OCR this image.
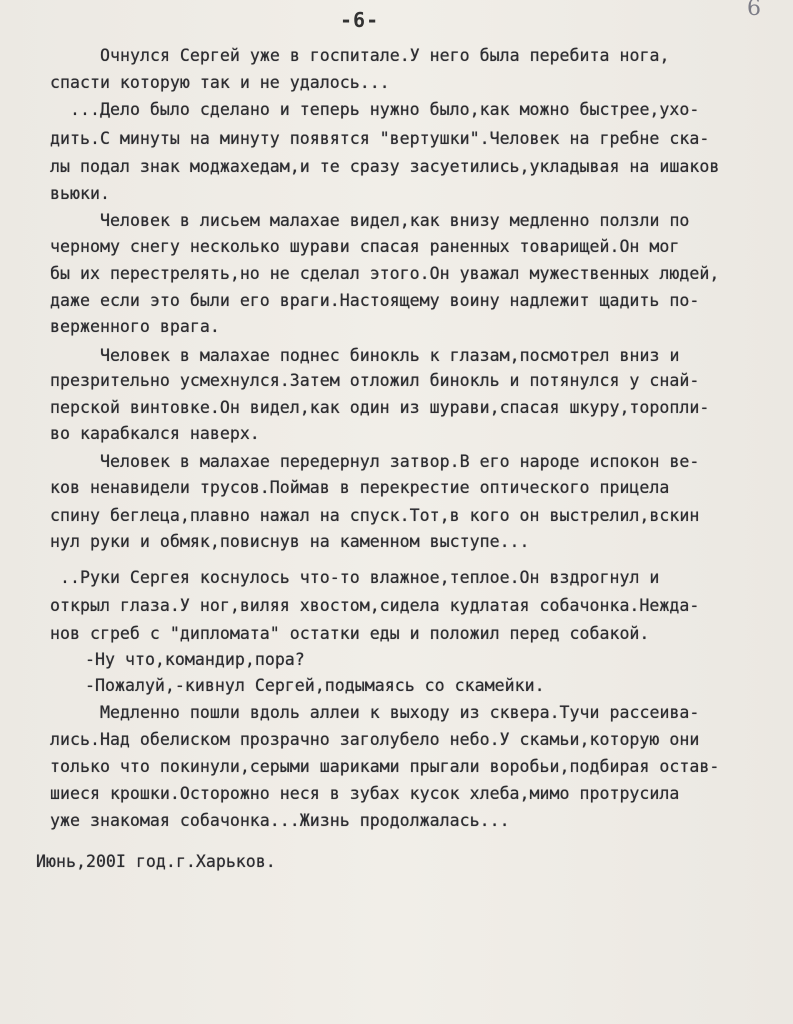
-6-	6
Очнулся Сергей уже в госпитале.У него была перебита нога,
спасти которую так и не удалось...
...Дело было сделано и теперь нужно было,как можно быстрее,ухо-
дить.С минуты на минуту появятся "вертушки".Человек на гребне ска-
лы подал знак моджахедам,и те сразу засуетились,укладывая на ишаков
вьюки.
Человек в лисьем малахае видел,как внизу медленно ползли по
черному снегу несколько шурави спасая раненных товарищей.Он мог
бы их перестрелять,но не сделал этого.Он уважал мужественных людей,
даже если это были его враги.Настоящему воину надлежит щадить по-
верженного врага.
Человек в малахае поднес бинокль к глазам,посмотрел вниз и
презрительно усмехнулся.Затем отложил бинокль и потянулся у снай-
перской винтовке.Он видел,как один из шурави,спасая шкуру,торопли-
во карабкался наверх.
Человек в малахае передернул затвор.В его народе испокон ве-
ков ненавидели трусов.Поймав в перекрестие оптического прицела
спину беглеца,плавно нажал на спуск.Тот,в кого он выстрелил,вскин
нул руки и обмяк,повиснув на каменном выступе...
..Руки Сергея коснулось что-то влажное,теплое.Он вздрогнул и
открыл глаза.У ног,виляя хвостом,сидела кудлатая собачонка.Нежда-
нов сгреб с "дипломата" остатки еды и положил перед собакой.
-Ну что,командир,пора?
-Пожалуй,-кивнул Сергей,подымаясь со скамейки.
Медленно пошли вдоль аллеи к выходу из сквера.Тучи рассеива-
лись.Над обелиском прозрачно заголубело небо.У скамьи,которую они
только что покинули,серыми шариками прыгали воробьи,подбирая остав-
шиеся крошки.Осторожно неся в зубах кусок хлеба,мимо протрусила
уже знакомая собачонка...Жизнь продолжалась...
Июнь,200I год.г.Харьков.
